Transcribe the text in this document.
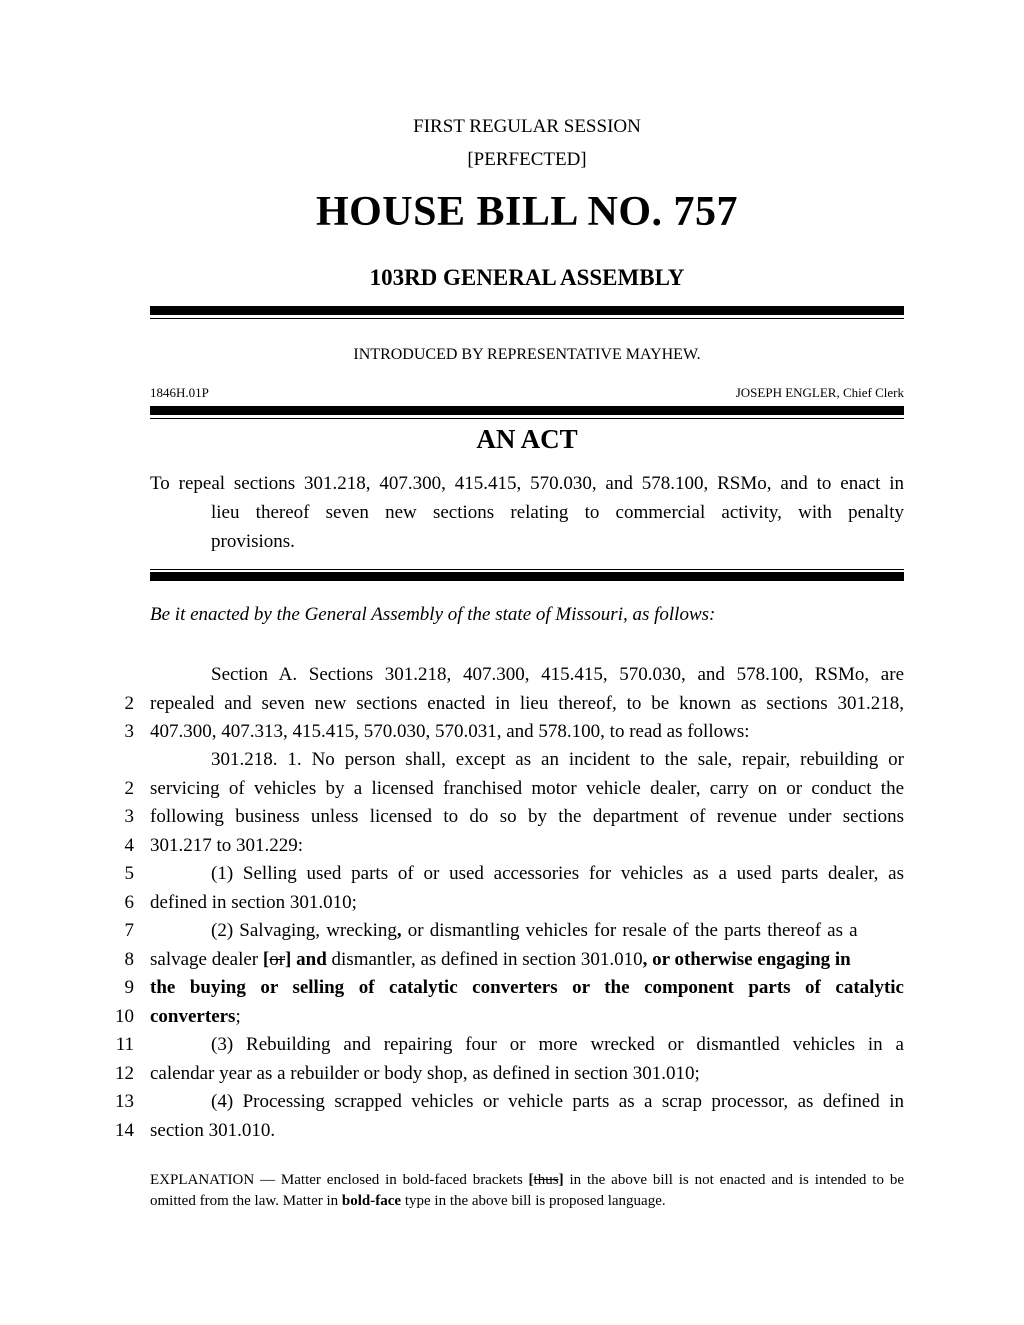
FIRST REGULAR SESSION
[PERFECTED]
HOUSE BILL NO. 757
103RD GENERAL ASSEMBLY
INTRODUCED BY REPRESENTATIVE MAYHEW.
1846H.01P	JOSEPH ENGLER, Chief Clerk
AN ACT
To repeal sections 301.218, 407.300, 415.415, 570.030, and 578.100, RSMo, and to enact in
lieu thereof seven new sections relating to commercial activity, with penalty
provisions.
Be it enacted by the General Assembly of the state of Missouri, as follows:
Section A. Sections 301.218, 407.300, 415.415, 570.030, and 578.100, RSMo, are
2 repealed and seven new sections enacted in lieu thereof, to be known as sections 301.218,
3 407.300, 407.313, 415.415, 570.030, 570.031, and 578.100, to read as follows:
301.218. 1. No person shall, except as an incident to the sale, repair, rebuilding or
2 servicing of vehicles by a licensed franchised motor vehicle dealer, carry on or conduct the
3 following business unless licensed to do so by the department of revenue under sections
4 301.217 to 301.229:
5	(1) Selling used parts of or used accessories for vehicles as a used parts dealer, as
6 defined in section 301.010;
7	(2) Salvaging, wrecking, or dismantling vehicles for resale of the parts thereof as a
8 salvage dealer [or] and dismantler, as defined in section 301.010, or otherwise engaging in
9 the buying or selling of catalytic converters or the component parts of catalytic
10 converters;
11	(3) Rebuilding and repairing four or more wrecked or dismantled vehicles in a
12 calendar year as a rebuilder or body shop, as defined in section 301.010;
13	(4) Processing scrapped vehicles or vehicle parts as a scrap processor, as defined in
14 section 301.010.
EXPLANATION — Matter enclosed in bold-faced brackets [thus] in the above bill is not enacted and is intended to be omitted from the law. Matter in bold-face type in the above bill is proposed language.
